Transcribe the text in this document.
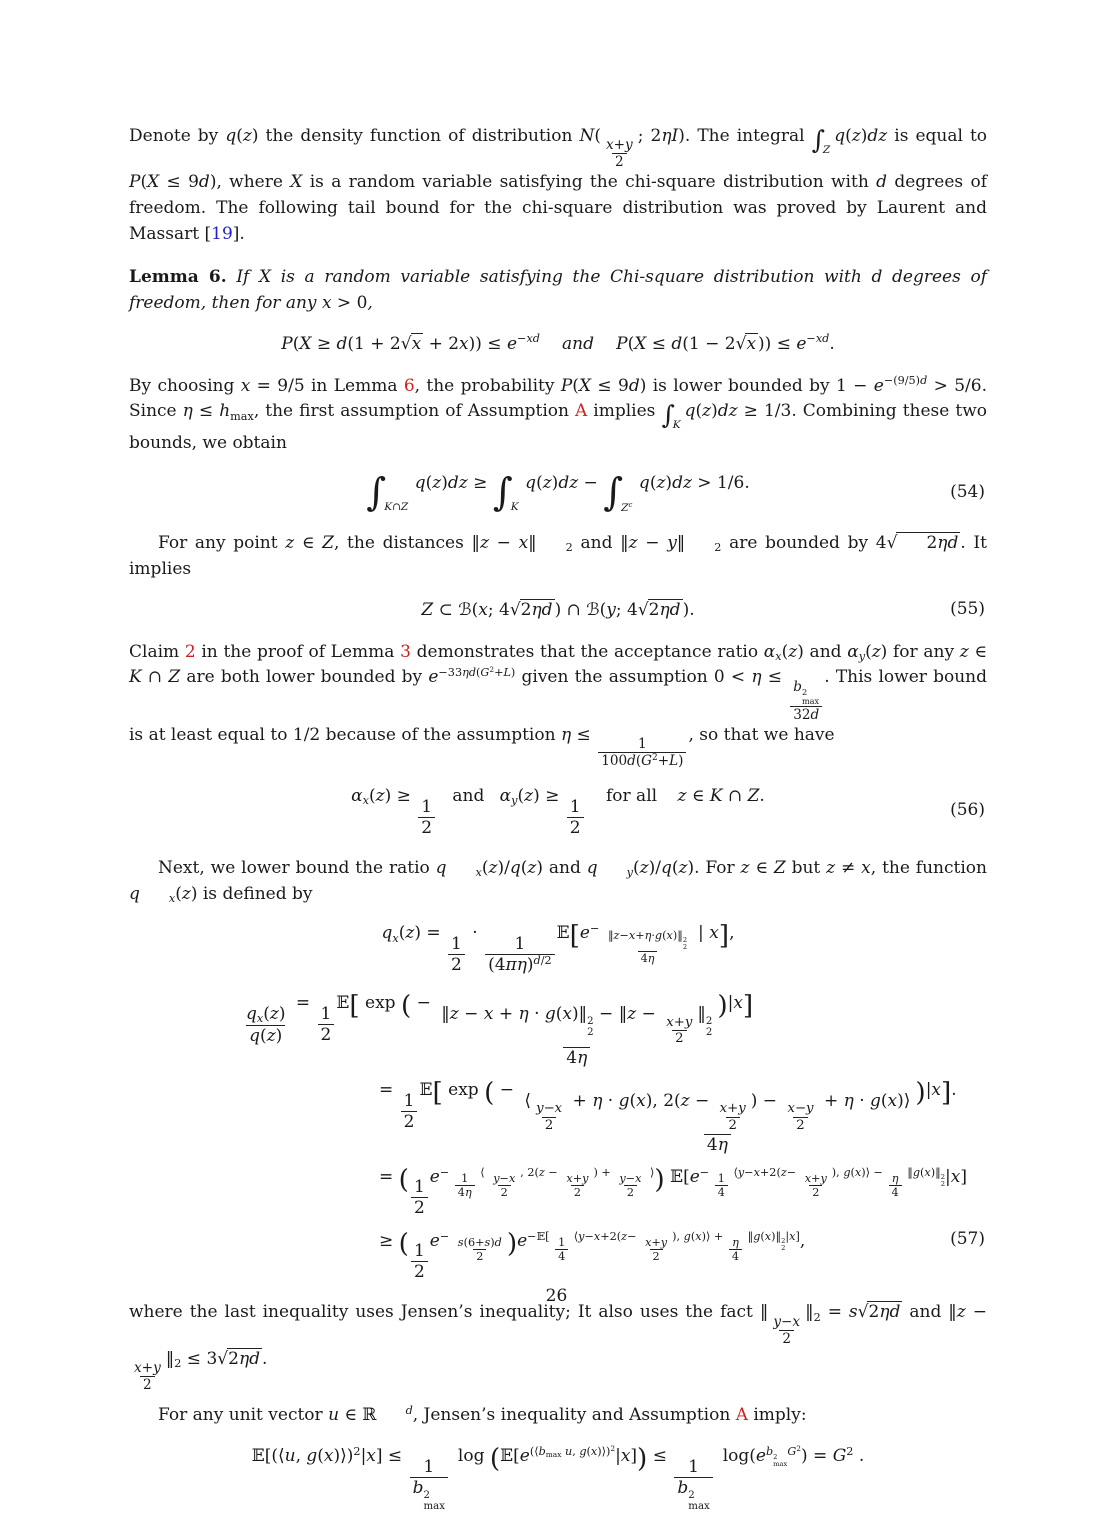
Denote by q(z) the density function of distribution N(
$\frac{x+y}{2}$
; 2ηI). The integral ∫Zq(z)dz is equal to P(X ≤ 9d), where X is a random variable satisfying the chi-square distribution with d degrees of freedom. The following tail bound for the chi-square distribution was proved by Laurent and Massart [19].

Lemma 6. If X is a random variable satisfying the Chi-square distribution with d degrees of freedom, then for any x > 0,

P(X ≥ d(1 + 2√x + 2x)) ≤ e−xd and P(X ≤ d(1 − 2√x )) ≤ e−xd.

By choosing x = 9/5 in Lemma 6, the probability P(X ≤ 9d) is lower bounded by 1 − e−(9/5)d > 5/6. Since η ≤ hmax, the first assumption of Assumption A implies ∫Kq(z)dz ≥ 1/3. Combining these two bounds, we obtain

∫K∩Zq(z)dz ≥ ∫Kq(z)dz − ∫Zcq(z)dz > 1/6.	(54)

For any point z ∈ Z, the distances ‖z − x‖	2 and ‖z − y‖	2 are bounded by 4√ 2ηd . It implies

Z ⊂ ℬ(x; 4√2ηd ) ∩ ℬ(y; 4√2ηd ).	(55)

Claim 2 in the proof of Lemma 3 demonstrates that the acceptance ratio αx(z) and αy(z) for any z ∈ K ∩ Z are both lower bounded by e−33ηd(G2+L) given the assumption 0 < η ≤
b 2
max
32d
. This lower bound is at least equal to 1/2 because of the assumption η ≤
$\frac{1}{100d(G2+L)}$
, so that we have

αx(z) ≥
$\frac{1}{2}$
and αy(z) ≥
$\frac{1}{2}$
for all z ∈ K ∩ Z.
(56)

Next, we lower bound the ratio q	x(z)/q(z) and q	y(z)/q(z). For z ∈ Z but z ≠ x, the function q	x(z) is defined by

qx(z) =
$\frac{1}{2}$
·
$\frac{1}{(4\pi\eta)d/2}$
𝔼[e− ‖z−x+η·g(x)‖ 2
2
4η | x],
$\frac{qx(z)}{q(z)}$
=
$\frac{1}{2}$
𝔼[ exp ( −
‖z − x + η · g(x)‖ 2
2
− ‖z −
$\frac{x+y}{2}$
‖ 2
2
4η )|x]
=
$\frac{1}{2}$
𝔼[ exp ( −
⟨
$\frac{y-x}{2}$
+ η · g(x), 2(z −
$\frac{x+y}{2}$
) −
$\frac{x-y}{2}$
+ η · g(x)⟩
4η )|x].
= ( $\frac{1}{2}$
$e- \frac{1}{4\eta}$ ⟨ $\frac{y-x}{2}$ , $2(z - \frac{x+y}{2}$ ) + $\frac{y-x}{2}$ ⟩) 𝔼[e− $\frac{1}{4}$ ⟨y−x+2(z− $\frac{x+y}{2}$ ), g(x)⟩ − $\frac{\eta}{4}$ ‖g(x)‖ 2
2 |x]
≥ ( $\frac{1}{2}$
$e- \frac{s(6+s)d}{2}$ )e−𝔼[ $\frac{1}{4}$ ⟨y−x+2(z− $\frac{x+y}{2}$ ), g(x)⟩ + $\frac{\eta}{4}$ ‖g(x)‖ 2
2
|x],	(57)

where the last inequality uses Jensen’s inequality; It also uses the fact ‖
$\frac{y-x}{2}$
‖2 = s√2ηd and ‖z −
$\frac{x+y}{2}$
‖2 ≤ 3√2ηd .

For any unit vector u ∈ ℝ	d, Jensen’s inequality and Assumption A imply:

𝔼[(⟨u, g(x)⟩)2|x] ≤
1
b 2
max
log (𝔼[e(⟨bmax u, g(x)⟩)2|x]) ≤
1
b 2
max
log(eb 2
max
G2) = G2 .
26
